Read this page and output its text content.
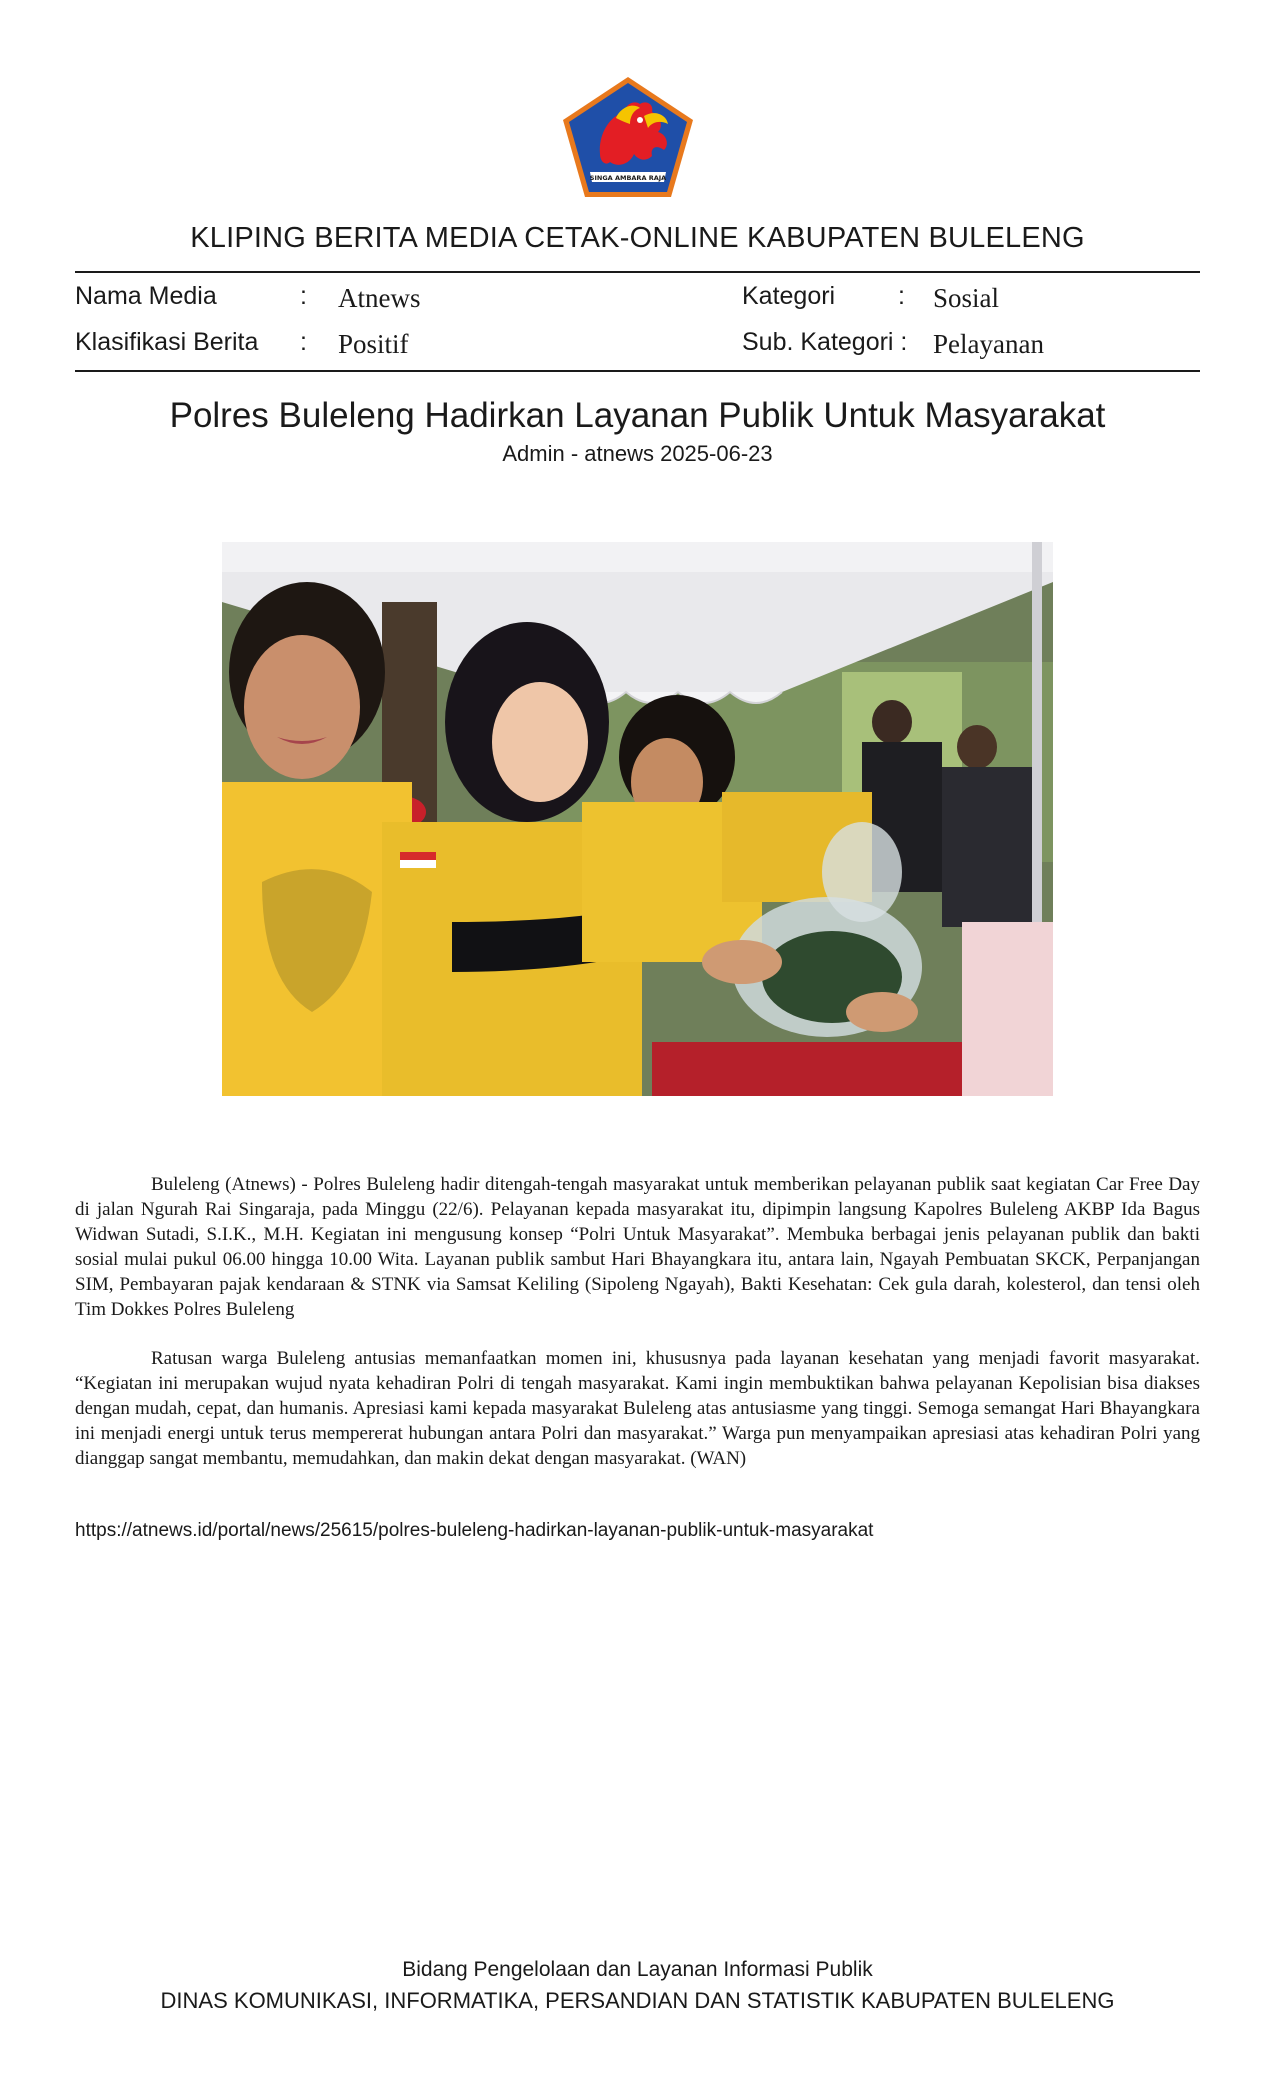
SINGA AMBARA RAJA
KLIPING BERITA MEDIA CETAK-ONLINE KABUPATEN BULELENG
Nama Media	: Atnews	Kategori	: Sosial
Klasifikasi Berita : Positif	Sub. Kategori : Pelayanan
Polres Buleleng Hadirkan Layanan Publik Untuk Masyarakat
Admin - atnews 2025-06-23

Buleleng (Atnews) - Polres Buleleng hadir ditengah-tengah masyarakat untuk memberikan pelayanan publik saat kegiatan Car Free Day di jalan Ngurah Rai Singaraja, pada Minggu (22/6). Pelayanan kepada masyarakat itu, dipimpin langsung Kapolres Buleleng AKBP Ida Bagus Widwan Sutadi, S.I.K., M.H. Kegiatan ini mengusung konsep “Polri Untuk Masyarakat”. Membuka berbagai jenis pelayanan publik dan bakti sosial mulai pukul 06.00 hingga 10.00 Wita. Layanan publik sambut Hari Bhayangkara itu, antara lain, Ngayah Pembuatan SKCK, Perpanjangan SIM, Pembayaran pajak kendaraan & STNK via Samsat Keliling (Sipoleng Ngayah), Bakti Kesehatan: Cek gula darah, kolesterol, dan tensi oleh Tim Dokkes Polres Buleleng

Ratusan warga Buleleng antusias memanfaatkan momen ini, khususnya pada layanan kesehatan yang menjadi favorit masyarakat. “Kegiatan ini merupakan wujud nyata kehadiran Polri di tengah masyarakat. Kami ingin membuktikan bahwa pelayanan Kepolisian bisa diakses dengan mudah, cepat, dan humanis. Apresiasi kami kepada masyarakat Buleleng atas antusiasme yang tinggi. Semoga semangat Hari Bhayangkara ini menjadi energi untuk terus mempererat hubungan antara Polri dan masyarakat.” Warga pun menyampaikan apresiasi atas kehadiran Polri yang dianggap sangat membantu, memudahkan, dan makin dekat dengan masyarakat. (WAN)

https://atnews.id/portal/news/25615/polres-buleleng-hadirkan-layanan-publik-untuk-masyarakat
Bidang Pengelolaan dan Layanan Informasi Publik
DINAS KOMUNIKASI, INFORMATIKA, PERSANDIAN DAN STATISTIK KABUPATEN BULELENG
